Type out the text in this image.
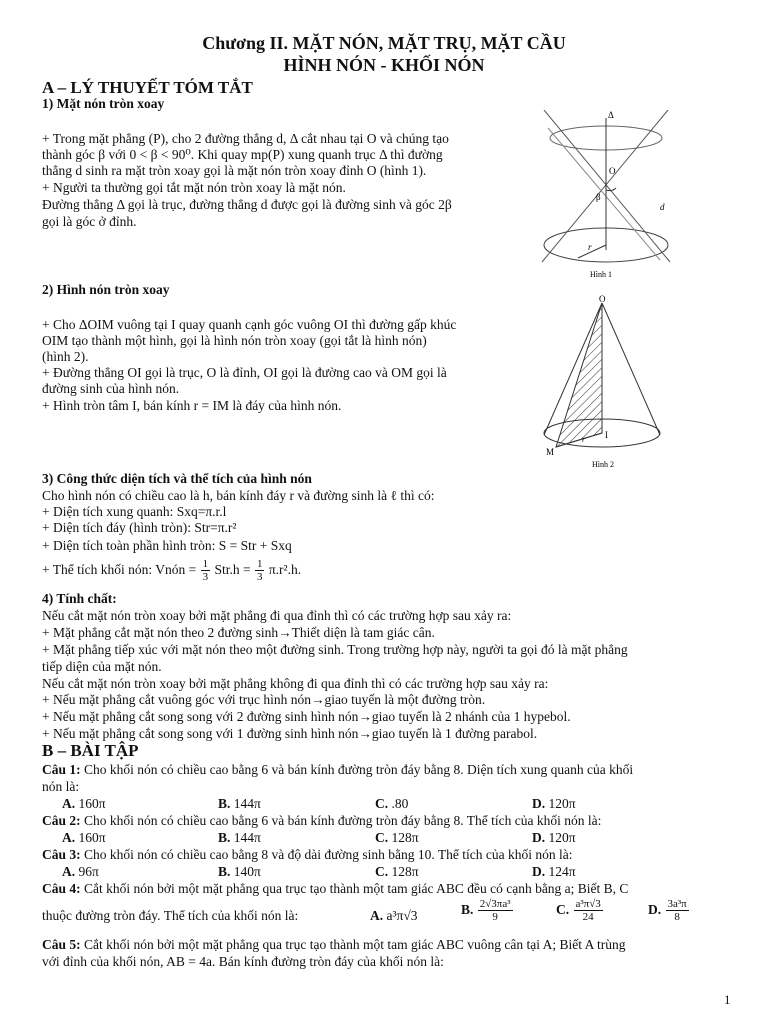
Chương II. MẶT NÓN, MẶT TRỤ, MẶT CẦU
HÌNH NÓN - KHỐI NÓN
A – LÝ THUYẾT TÓM TẮT
1) Mặt nón tròn xoay
+ Trong mặt phẳng (P), cho 2 đường thẳng d, Δ cắt nhau tại O và chúng tạo
thành góc β với 0 < β < 90⁰. Khi quay mp(P) xung quanh trục Δ thì đường
thẳng d sinh ra mặt tròn xoay gọi là mặt nón tròn xoay đỉnh O (hình 1).
+ Người ta thường gọi tắt mặt nón tròn xoay là mặt nón.
Đường thẳng Δ gọi là trục, đường thẳng d được gọi là đường sinh và góc 2β
gọi là góc ở đỉnh.
Δ
O
β
d
r
Hình 1
2) Hình nón tròn xoay
+ Cho ΔOIM vuông tại I quay quanh cạnh góc vuông OI thì đường gấp khúc
OIM tạo thành một hình, gọi là hình nón tròn xoay (gọi tắt là hình nón)
(hình 2).
+ Đường thẳng OI gọi là trục, O là đỉnh, OI gọi là đường cao và OM gọi là
đường sinh của hình nón.
+ Hình tròn tâm I, bán kính r = IM là đáy của hình nón.
O
M
I
r
Hình 2
3) Công thức diện tích và thể tích của hình nón
Cho hình nón có chiều cao là h, bán kính đáy r và đường sinh là ℓ thì có:
+ Diện tích xung quanh: Sxq=π.r.l
+ Diện tích đáy (hình tròn): Str=π.r²
+ Diện tích toàn phần hình tròn: S = Str + Sxq
+ Thể tích khối nón: Vnón = $\frac{1}{3} Str.h = \frac{1}{3} \pi.r^2.h$.
4) Tính chất:
Nếu cắt mặt nón tròn xoay bởi mặt phẳng đi qua đỉnh thì có các trường hợp sau xảy ra:
+ Mặt phẳng cắt mặt nón theo 2 đường sinh→Thiết diện là tam giác cân.
+ Mặt phẳng tiếp xúc với mặt nón theo một đường sinh. Trong trường hợp này, người ta gọi đó là mặt phẳng
tiếp diện của mặt nón.
Nếu cắt mặt nón tròn xoay bởi mặt phẳng không đi qua đỉnh thì có các trường hợp sau xảy ra:
+ Nếu mặt phẳng cắt vuông góc với trục hình nón→giao tuyến là một đường tròn.
+ Nếu mặt phẳng cắt song song với 2 đường sinh hình nón→giao tuyến là 2 nhánh của 1 hypebol.
+ Nếu mặt phẳng cắt song song với 1 đường sinh hình nón→giao tuyến là 1 đường parabol.
B – BÀI TẬP
Câu 1: Cho khối nón có chiều cao bằng 6 và bán kính đường tròn đáy bằng 8. Diện tích xung quanh của khối
nón là:
A. 160π	B. 144π	C. .80	D. 120π
Câu 2: Cho khối nón có chiều cao bằng 6 và bán kính đường tròn đáy bằng 8. Thể tích của khối nón là:
A. 160π	B. 144π	C. 128π	D. 120π
Câu 3: Cho khối nón có chiều cao bằng 8 và độ dài đường sinh bằng 10. Thể tích của khối nón là:
A. 96π	B. 140π	C. 128π	D. 124π
Câu 4: Cắt khối nón bởi một mặt phẳng qua trục tạo thành một tam giác ABC đều có cạnh bằng a; Biết B, C
thuộc đường tròn đáy. Thể tích của khối nón là:	A. a³π√3	B. $\frac{\text{2√3πa³}}{9}$	C. $\frac{\text{a³π√3}}{24}$	D. $\frac{\text{3a³π}}{8}$
Câu 5: Cắt khối nón bởi một mặt phẳng qua trục tạo thành một tam giác ABC vuông cân tại A; Biết A trùng
với đỉnh của khối nón, AB = 4a. Bán kính đường tròn đáy của khối nón là:
1
